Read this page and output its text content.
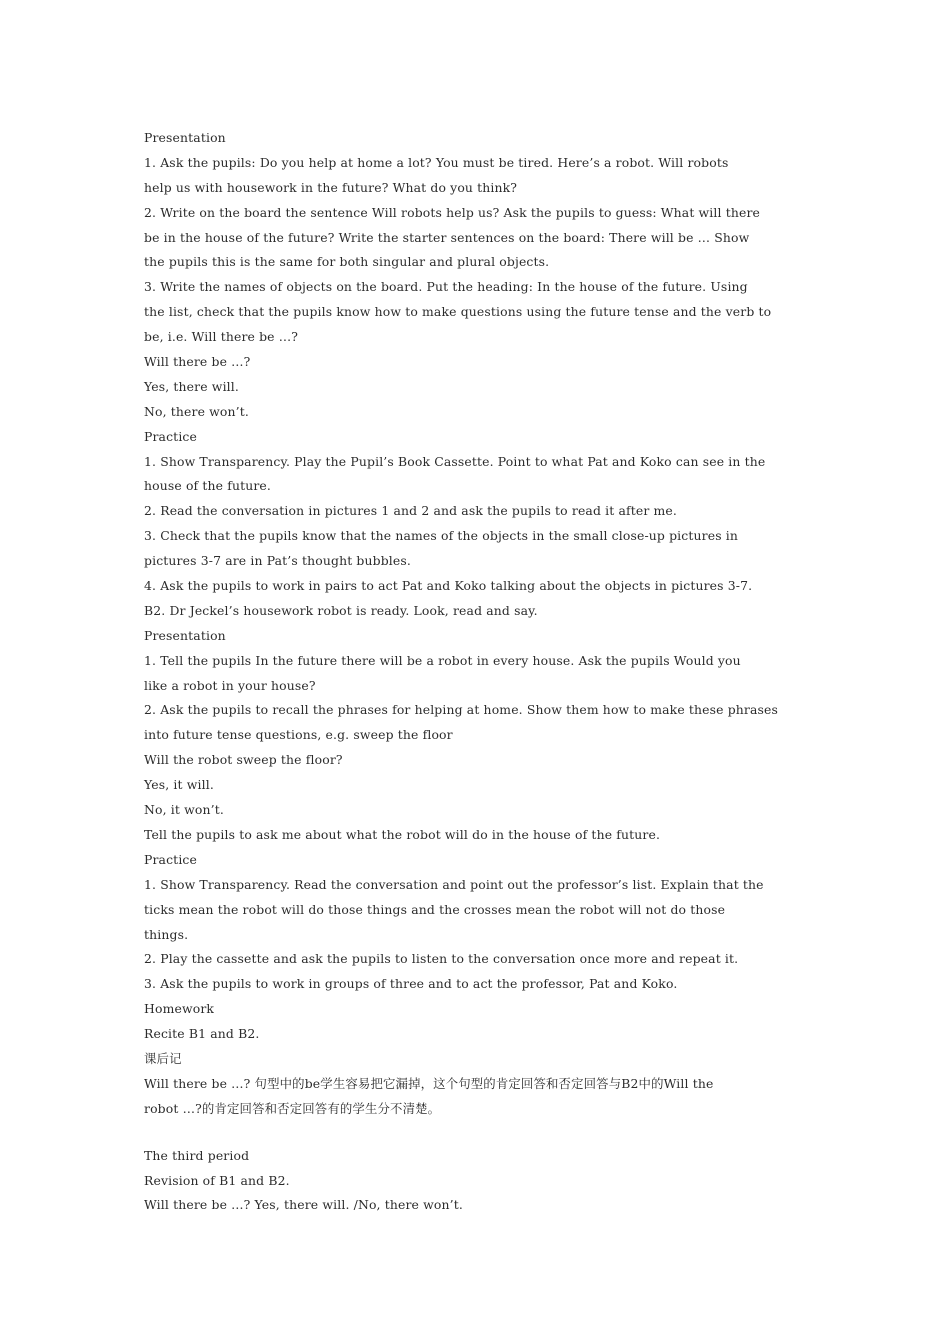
Presentation
1. Ask the pupils: Do you help at home a lot? You must be tired. Here’s a robot. Will robots
help us with housework in the future? What do you think?
2. Write on the board the sentence Will robots help us? Ask the pupils to guess: What will there
be in the house of the future? Write the starter sentences on the board: There will be … Show
the pupils this is the same for both singular and plural objects.
3. Write the names of objects on the board. Put the heading: In the house of the future. Using
the list, check that the pupils know how to make questions using the future tense and the verb to
be, i.e. Will there be …?
Will there be …?
Yes, there will.
No, there won’t.
Practice
1. Show Transparency. Play the Pupil’s Book Cassette. Point to what Pat and Koko can see in the
house of the future.
2. Read the conversation in pictures 1 and 2 and ask the pupils to read it after me.
3. Check that the pupils know that the names of the objects in the small close-up pictures in
pictures 3-7 are in Pat’s thought bubbles.
4. Ask the pupils to work in pairs to act Pat and Koko talking about the objects in pictures 3-7.
B2. Dr Jeckel’s housework robot is ready. Look, read and say.
Presentation
1. Tell the pupils In the future there will be a robot in every house. Ask the pupils Would you
like a robot in your house?
2. Ask the pupils to recall the phrases for helping at home. Show them how to make these phrases
into future tense questions, e.g. sweep the floor
Will the robot sweep the floor?
Yes, it will.
No, it won’t.
Tell the pupils to ask me about what the robot will do in the house of the future.
Practice
1. Show Transparency. Read the conversation and point out the professor’s list. Explain that the
ticks mean the robot will do those things and the crosses mean the robot will not do those
things.
2. Play the cassette and ask the pupils to listen to the conversation once more and repeat it.
3. Ask the pupils to work in groups of three and to act the professor, Pat and Koko.
Homework
Recite B1 and B2.
课后记
Will there be …? 句型中的be学生容易把它漏掉，这个句型的肯定回答和否定回答与B2中的Will the
robot …?的肯定回答和否定回答有的学生分不清楚。
The third period
Revision of B1 and B2.
Will there be …? Yes, there will. /No, there won’t.
